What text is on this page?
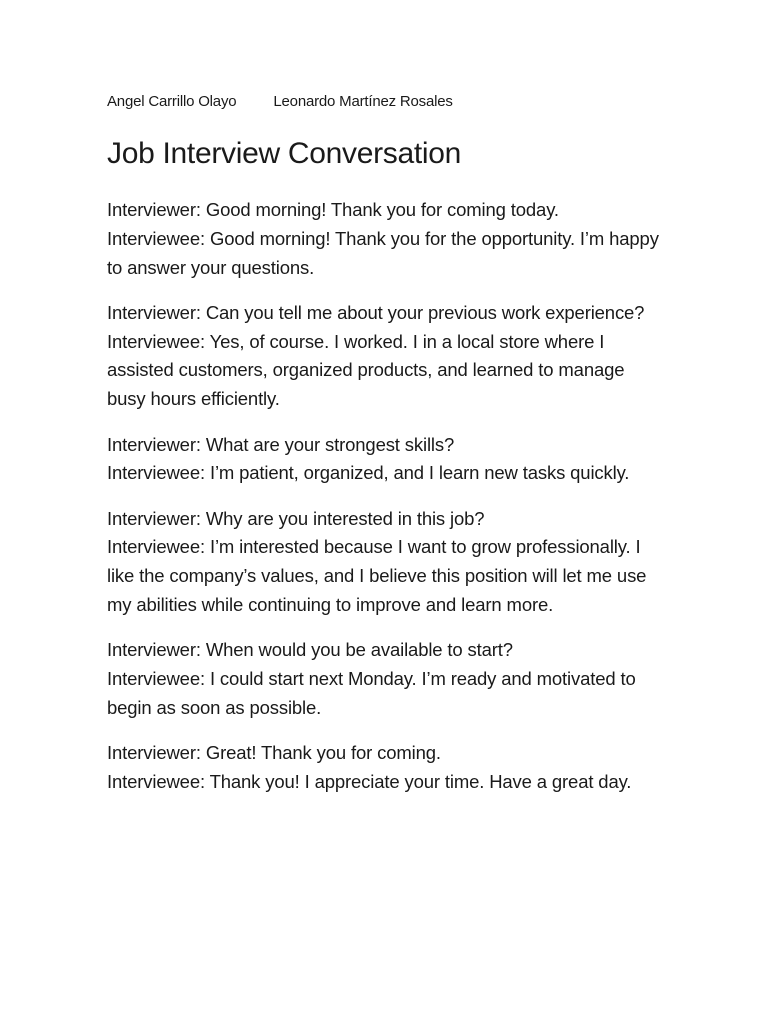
Angel Carrillo Olayo Leonardo Martínez Rosales
Job Interview Conversation

Interviewer: Good morning! Thank you for coming today.

Interviewee: Good morning! Thank you for the opportunity. I’m happy to answer your questions.

Interviewer: Can you tell me about your previous work experience?

Interviewee: Yes, of course. I worked. I in a local store where I assisted customers, organized products, and learned to manage busy hours efficiently.

Interviewer: What are your strongest skills?

Interviewee: I’m patient, organized, and I learn new tasks quickly.

Interviewer: Why are you interested in this job?

Interviewee: I’m interested because I want to grow professionally. I like the company’s values, and I believe this position will let me use my abilities while continuing to improve and learn more.

Interviewer: When would you be available to start?

Interviewee: I could start next Monday. I’m ready and motivated to begin as soon as possible.

Interviewer: Great! Thank you for coming.

Interviewee: Thank you! I appreciate your time. Have a great day.
